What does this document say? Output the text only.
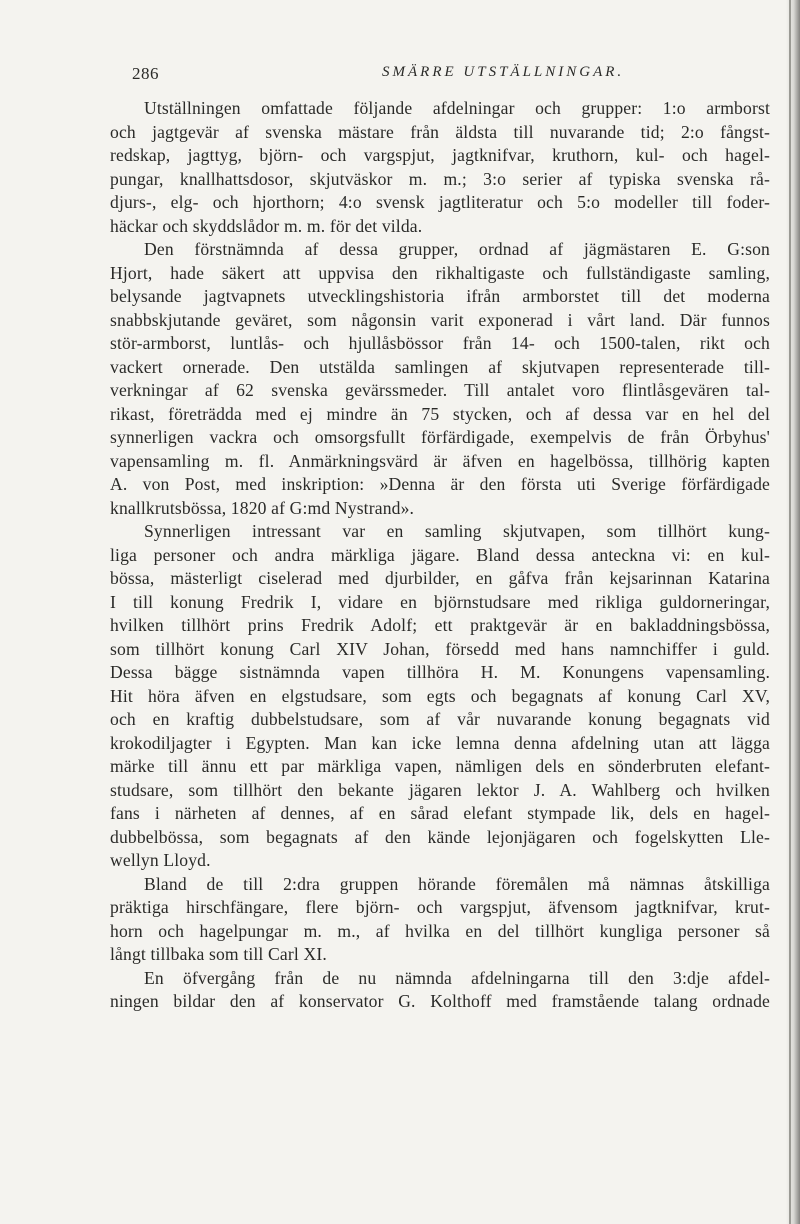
286	SMÄRRE UTSTÄLLNINGAR.
Utställningen omfattade följande afdelningar och grupper: 1:o armborst
och jagtgevär af svenska mästare från äldsta till nuvarande tid; 2:o fångst-
redskap, jagttyg, björn- och vargspjut, jagtknifvar, kruthorn, kul- och hagel-
pungar, knallhattsdosor, skjutväskor m. m.; 3:o serier af typiska svenska rå-
djurs-, elg- och hjorthorn; 4:o svensk jagtliteratur och 5:o modeller till foder-
häckar och skyddslådor m. m. för det vilda.
Den förstnämnda af dessa grupper, ordnad af jägmästaren E. G:son
Hjort, hade säkert att uppvisa den rikhaltigaste och fullständigaste samling,
belysande jagtvapnets utvecklingshistoria ifrån armborstet till det moderna
snabbskjutande geväret, som någonsin varit exponerad i vårt land. Där funnos
stör-armborst, luntlås- och hjullåsbössor från 14- och 1500-talen, rikt och
vackert ornerade. Den utstälda samlingen af skjutvapen representerade till-
verkningar af 62 svenska gevärssmeder. Till antalet voro flintlåsgevären tal-
rikast, företrädda med ej mindre än 75 stycken, och af dessa var en hel del
synnerligen vackra och omsorgsfullt förfärdigade, exempelvis de från Örbyhus'
vapensamling m. fl. Anmärkningsvärd är äfven en hagelbössa, tillhörig kapten
A. von Post, med inskription: »Denna är den första uti Sverige förfärdigade
knallkrutsbössa, 1820 af G:md Nystrand».
Synnerligen intressant var en samling skjutvapen, som tillhört kung-
liga personer och andra märkliga jägare. Bland dessa anteckna vi: en kul-
bössa, mästerligt ciselerad med djurbilder, en gåfva från kejsarinnan Katarina
I till konung Fredrik I, vidare en björnstudsare med rikliga guldorneringar,
hvilken tillhört prins Fredrik Adolf; ett praktgevär är en bakladdningsbössa,
som tillhört konung Carl XIV Johan, försedd med hans namnchiffer i guld.
Dessa bägge sistnämnda vapen tillhöra H. M. Konungens vapensamling.
Hit höra äfven en elgstudsare, som egts och begagnats af konung Carl XV,
och en kraftig dubbelstudsare, som af vår nuvarande konung begagnats vid
krokodiljagter i Egypten. Man kan icke lemna denna afdelning utan att lägga
märke till ännu ett par märkliga vapen, nämligen dels en sönderbruten elefant-
studsare, som tillhört den bekante jägaren lektor J. A. Wahlberg och hvilken
fans i närheten af dennes, af en sårad elefant stympade lik, dels en hagel-
dubbelbössa, som begagnats af den kände lejonjägaren och fogelskytten Lle-
wellyn Lloyd.
Bland de till 2:dra gruppen hörande föremålen må nämnas åtskilliga
präktiga hirschfängare, flere björn- och vargspjut, äfvensom jagtknifvar, krut-
horn och hagelpungar m. m., af hvilka en del tillhört kungliga personer så
långt tillbaka som till Carl XI.
En öfvergång från de nu nämnda afdelningarna till den 3:dje afdel-
ningen bildar den af konservator G. Kolthoff med framstående talang ordnade
